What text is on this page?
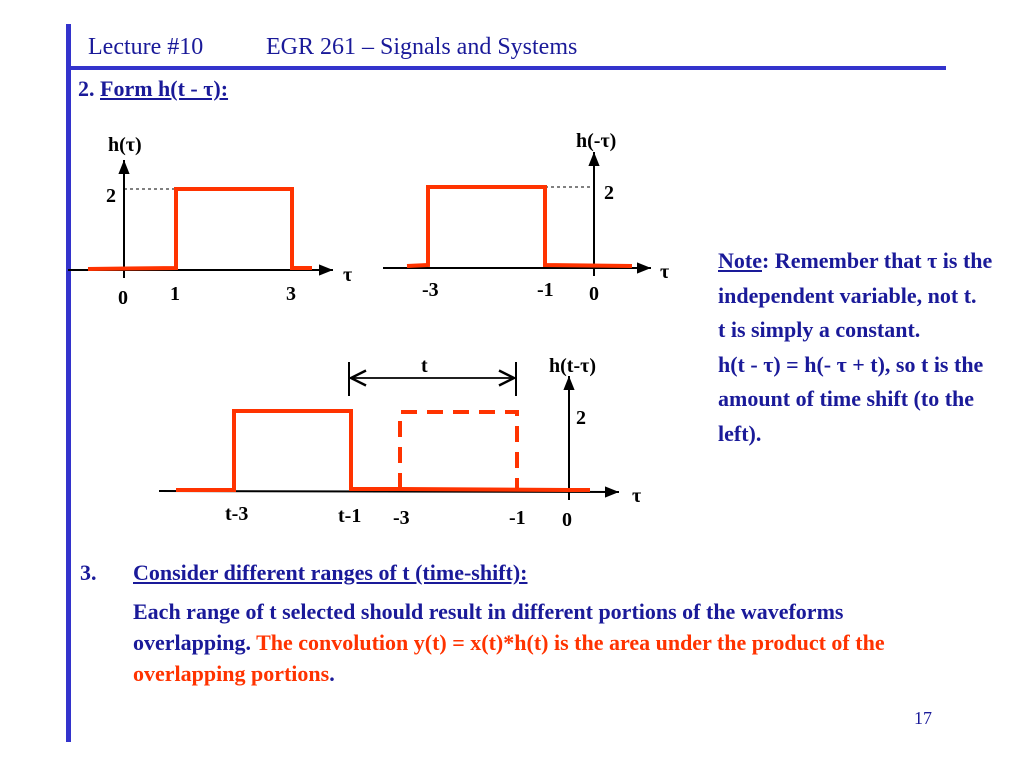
Lecture #10	EGR 261 – Signals and Systems
2. Form h(t - τ):
h(τ)
τ
2
0 1	3
h(-τ)
τ
2
-3	-1 0
t	h(t-τ)
τ
2
t-3	t-1 -3	-1 0
Note: Remember that τ is the independent variable, not t.
t is simply a constant.
h(t - τ) = h(- τ + t), so t is the amount of time shift (to the left).
3. Consider different ranges of t (time-shift):
Each range of t selected should result in different portions of the waveforms overlapping. The convolution y(t) = x(t)*h(t) is the area under the product of the overlapping portions.
17
